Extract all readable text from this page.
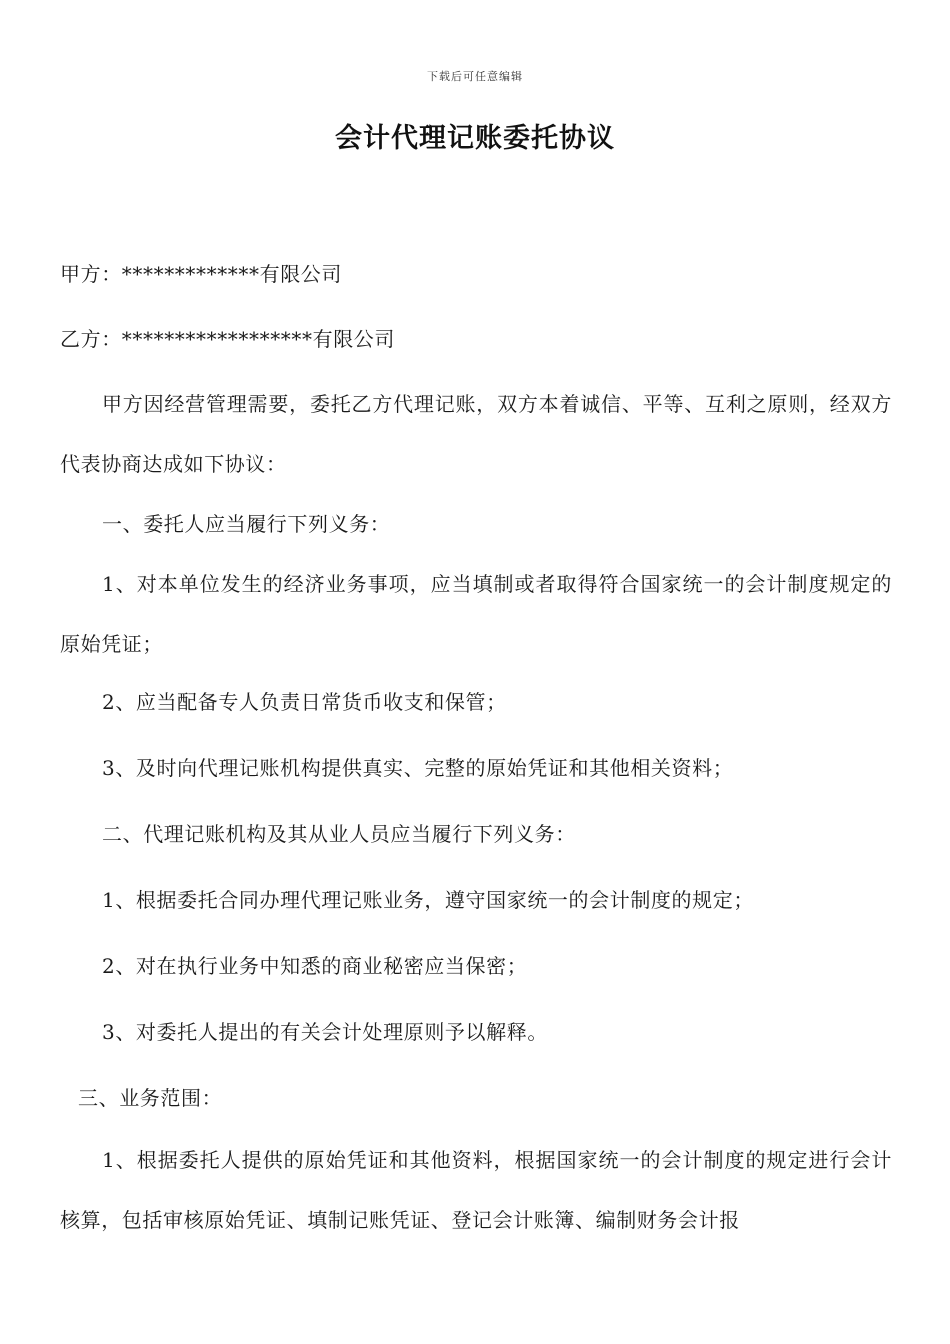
下载后可任意编辑
会计代理记账委托协议
甲方：*************有限公司
乙方：******************有限公司
甲方因经营管理需要，委托乙方代理记账，双方本着诚信、平等、互利之原则，经双方代表协商达成如下协议：
一、委托人应当履行下列义务：
1、对本单位发生的经济业务事项，应当填制或者取得符合国家统一的会计制度规定的原始凭证；
2、应当配备专人负责日常货币收支和保管；
3、及时向代理记账机构提供真实、完整的原始凭证和其他相关资料；
二、代理记账机构及其从业人员应当履行下列义务：
1、根据委托合同办理代理记账业务，遵守国家统一的会计制度的规定；
2、对在执行业务中知悉的商业秘密应当保密；
3、对委托人提出的有关会计处理原则予以解释。
三、业务范围：
1、根据委托人提供的原始凭证和其他资料，根据国家统一的会计制度的规定进行会计核算，包括审核原始凭证、填制记账凭证、登记会计账簿、编制财务会计报
